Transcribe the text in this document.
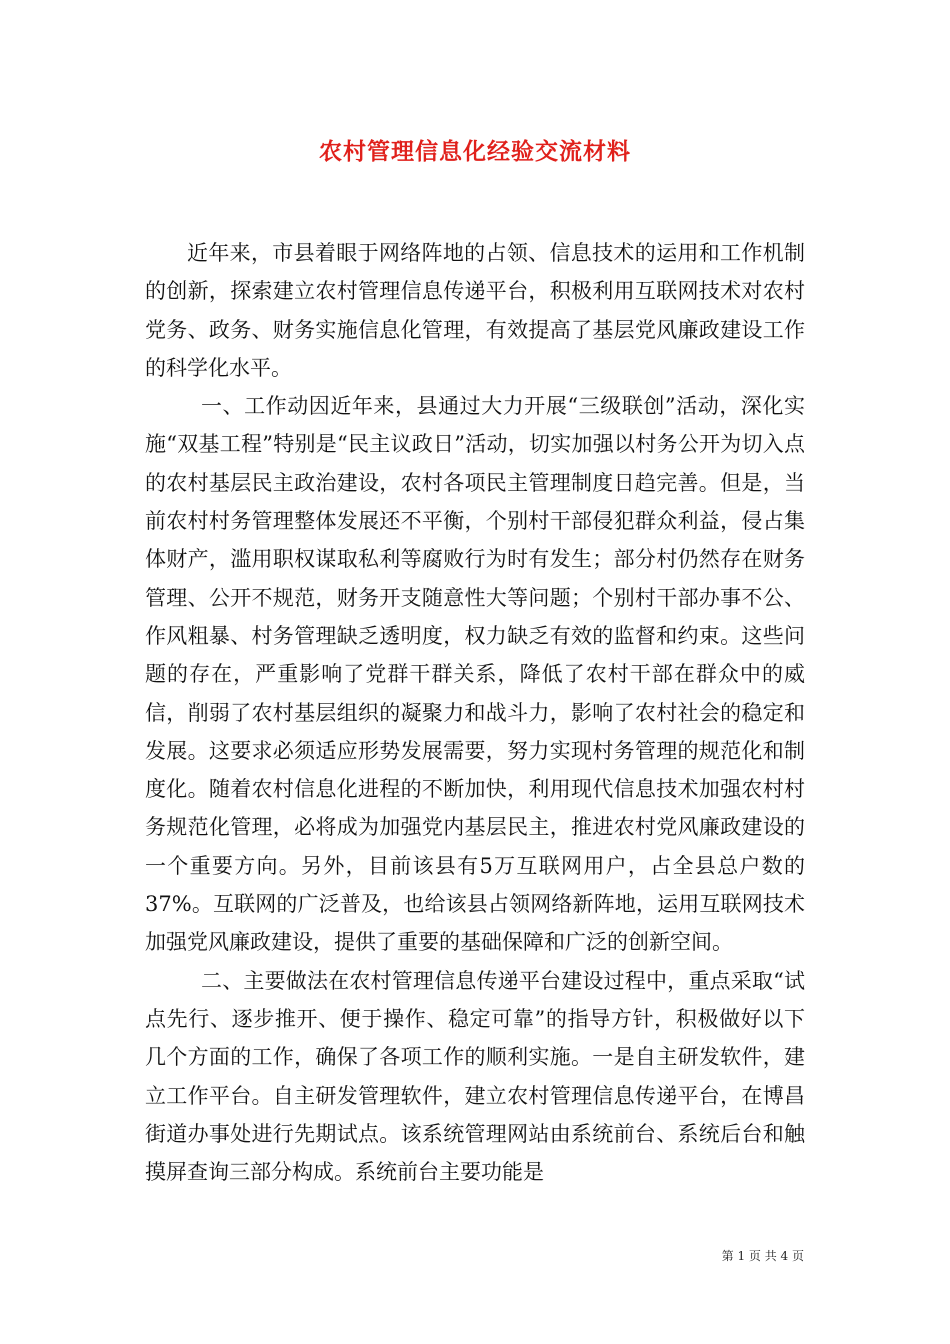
农村管理信息化经验交流材料

近年来，市县着眼于网络阵地的占领、信息技术的运用和工作机制的创新，探索建立农村管理信息传递平台，积极利用互联网技术对农村党务、政务、财务实施信息化管理，有效提高了基层党风廉政建设工作的科学化水平。

一、工作动因近年来，县通过大力开展“三级联创”活动，深化实施“双基工程”特别是“民主议政日”活动，切实加强以村务公开为切入点的农村基层民主政治建设，农村各项民主管理制度日趋完善。但是，当前农村村务管理整体发展还不平衡，个别村干部侵犯群众利益，侵占集体财产，滥用职权谋取私利等腐败行为时有发生；部分村仍然存在财务管理、公开不规范，财务开支随意性大等问题；个别村干部办事不公、作风粗暴、村务管理缺乏透明度，权力缺乏有效的监督和约束。这些问题的存在，严重影响了党群干群关系，降低了农村干部在群众中的威信，削弱了农村基层组织的凝聚力和战斗力，影响了农村社会的稳定和发展。这要求必须适应形势发展需要，努力实现村务管理的规范化和制度化。随着农村信息化进程的不断加快，利用现代信息技术加强农村村务规范化管理，必将成为加强党内基层民主，推进农村党风廉政建设的一个重要方向。另外，目前该县有5万互联网用户，占全县总户数的37%。互联网的广泛普及，也给该县占领网络新阵地，运用互联网技术加强党风廉政建设，提供了重要的基础保障和广泛的创新空间。

二、主要做法在农村管理信息传递平台建设过程中，重点采取“试点先行、逐步推开、便于操作、稳定可靠”的指导方针，积极做好以下几个方面的工作，确保了各项工作的顺利实施。一是自主研发软件，建立工作平台。自主研发管理软件，建立农村管理信息传递平台，在博昌街道办事处进行先期试点。该系统管理网站由系统前台、系统后台和触摸屏查询三部分构成。系统前台主要功能是

第 1 页 共 4 页
